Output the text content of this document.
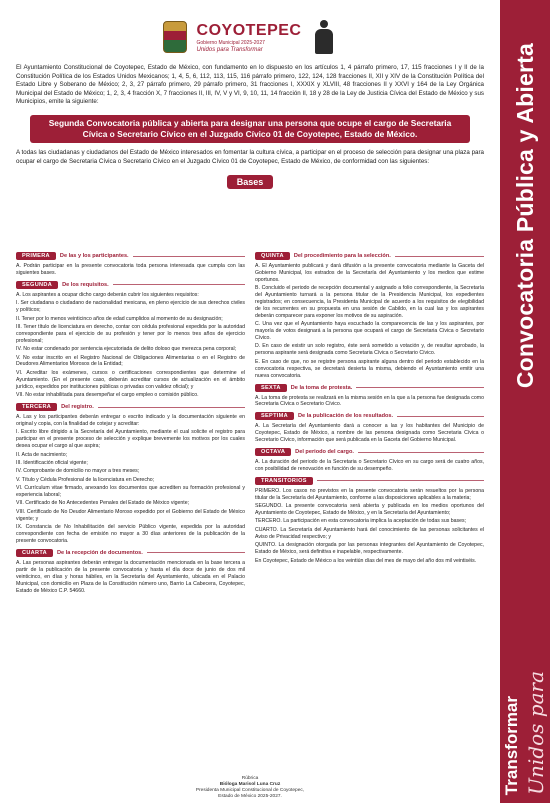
Convocatoria Pública y Abierta
Transformar Unidos para
COYOTEPEC
Gobierno Municipal 2025-2027
Unidos para Transformar

El Ayuntamiento Constitucional de Coyotepec, Estado de México, con fundamento en lo dispuesto en los artículos 1, 4 párrafo primero, 17, 115 fracciones I y II de la Constitución Política de los Estados Unidos Mexicanos; 1, 4, 5, 6, 112, 113, 115, 116 párrafo primero, 122, 124, 128 fracciones II, XII y XIV de la Constitución Política del Estado Libre y Soberano de México; 2, 3, 27 párrafo primero, 29 párrafo primero, 31 fracciones I, XXXIX y XLVIII, 48 fracciones II y XXVI y 164 de la Ley Orgánica Municipal del Estado de México; 1, 2, 3, 4 fracción X, 7 fracciones II, III, IV, V y VI, 9, 10, 11, 14 fracción II, 18 y 28 de la Ley de Justicia Cívica del Estado de México y sus Municipios, emite la siguiente:

Segunda Convocatoria pública y abierta para designar una persona que ocupe el cargo de Secretaria Cívica o Secretario Cívico en el Juzgado Cívico 01 de Coyotepec, Estado de México.

A todas las ciudadanas y ciudadanos del Estado de México interesados en fomentar la cultura cívica, a participar en el proceso de selección para designar una plaza para ocupar el cargo de Secretaria Cívica o Secretario Cívico en el Juzgado Cívico 01 de Coyotepec, Estado de México, de conformidad con las siguientes:

Bases
PRIMERA	De las y los participantes.

A. Podrán participar en la presente convocatoria toda persona interesada que cumpla con las siguientes bases.

SEGUNDA	De los requisitos.

A. Los aspirantes a ocupar dicho cargo deberán cubrir los siguientes requisitos:

I. Ser ciudadana o ciudadano de nacionalidad mexicana, en pleno ejercicio de sus derechos civiles y políticos;

II. Tener por lo menos veinticinco años de edad cumplidos al momento de su designación;

III. Tener título de licenciatura en derecho, contar con cédula profesional expedida por la autoridad correspondiente para el ejercicio de su profesión y tener por lo menos tres años de ejercicio profesional;

IV. No estar condenado por sentencia ejecutoriada de delito doloso que merezca pena corporal;

V. No estar inscrito en el Registro Nacional de Obligaciones Alimentarias o en el Registro de Deudores Alimentarios Morosos de la Entidad;

VI. Acreditar los exámenes, cursos o certificaciones correspondientes que determine el Ayuntamiento. (En el presente caso, deberán acreditar cursos de actualización en el ámbito jurídico, expedidos por instituciones públicas o privadas con validez oficial); y

VII. No estar inhabilitada para desempeñar el cargo empleo o comisión público.

TERCERA	Del registro.

A. Las y los participantes deberán entregar o escrito indicado y la documentación siguiente en original y copia, con la finalidad de cotejar y acreditar:

I. Escrito libre dirigido a la Secretaría del Ayuntamiento, mediante el cual solicite el registro para participar en el presente proceso de selección y explique brevemente los motivos por los cuales desea ocupar el cargo al que aspira;

II. Acta de nacimiento;

III. Identificación oficial vigente;

IV. Comprobante de domicilio no mayor a tres meses;

V. Título y Cédula Profesional de la licenciatura en Derecho;

VI. Currículum vitae firmado, anexando los documentos que acrediten su formación profesional y experiencia laboral;

VII. Certificado de No Antecedentes Penales del Estado de México vigente;

VIII. Certificado de No Deudor Alimentario Moroso expedido por el Gobierno del Estado de México vigente; y

IX. Constancia de No Inhabilitación del servicio Público vigente, expedida por la autoridad correspondiente con fecha de emisión no mayor a 30 días anteriores de la publicación de la presente convocatoria.

CUARTA	De la recepción de documentos.

A. Las personas aspirantes deberán entregar la documentación mencionada en la base tercera a partir de la publicación de la presente convocatoria y hasta el día doce de junio de dos mil veinticinco, en días y horas hábiles, en la Secretaría del Ayuntamiento, ubicada en el Palacio Municipal, con domicilio en Plaza de la Constitución número uno, Barrio La Cabecera, Coyotepec, Estado de México C.P. 54660.

QUINTA	Del procedimiento para la selección.

A. El Ayuntamiento publicará y dará difusión a la presente convocatoria mediante la Gaceta del Gobierno Municipal, los estrados de la Secretaría del Ayuntamiento y los medios que estime oportunos.

B. Concluido el periodo de recepción documental y asignado a folio correspondiente, la Secretaría del Ayuntamiento turnará a la persona titular de la Presidencia Municipal, los expedientes registrados; en consecuencia, la Presidenta Municipal de acuerdo a los requisitos de elegibilidad de los recurrentes en su propuesta en una sesión de Cabildo, en la cual las y los aspirantes deberán comparecer para exponer los motivos de su aspiración.

C. Una vez que el Ayuntamiento haya escuchado la comparecencia de las y los aspirantes, por mayoría de votos designará a la persona que ocupará el cargo de Secretaria Cívica o Secretario Cívico.

D. En caso de existir un solo registro, éste será sometido a votación y, de resultar aprobado, la persona aspirante será designada como Secretaria Cívica o Secretario Cívico.

E. En caso de que, no se registre persona aspirante alguna dentro del periodo establecido en la convocatoria respectiva, se decretará desierta la misma, debiendo el Ayuntamiento emitir una nueva convocatoria.

SEXTA	De la toma de protesta.

A. La toma de protesta se realizará en la misma sesión en la que a la persona fue designada como Secretaria Cívica o Secretario Cívico.

SEPTIMA	De la publicación de los resultados.

A. La Secretaría del Ayuntamiento dará a conocer a las y los habitantes del Municipio de Coyotepec, Estado de México, a nombre de las persona designada como Secretaria Cívica o Secretario Cívico, información que será publicada en la Gaceta del Gobierno Municipal.

OCTAVA	Del periodo del cargo.

A. La duración del periodo de la Secretaria o Secretario Cívico en su cargo será de cuatro años, con posibilidad de renovación en función de su desempeño.

TRANSITORIOS

PRIMERO. Los casos no previstos en la presente convocatoria serán resueltos por la persona titular de la Secretaría del Ayuntamiento, conforme a las disposiciones aplicables a la materia;

SEGUNDO. La presente convocatoria será abierta y publicada en los medios oportunos del Ayuntamiento de Coyotepec, Estado de México, y en la Secretaría del Ayuntamiento;

TERCERO. La participación en esta convocatoria implica la aceptación de todas sus bases;

CUARTO. La Secretaría del Ayuntamiento hará del conocimiento de las personas solicitantes el Aviso de Privacidad respectivo; y

QUINTO. La designación otorgada por las personas integrantes del Ayuntamiento de Coyotepec, Estado de México, será definitiva e inapelable, respectivamente.

En Coyotepec, Estado de México a los veintiún días del mes de mayo del año dos mil veintiséis.

Rúbrica
Bióloga Marisol Luna Cruz
Presidenta Municipal Constitucional de Coyotepec,
Estado de México 2025-2027.
